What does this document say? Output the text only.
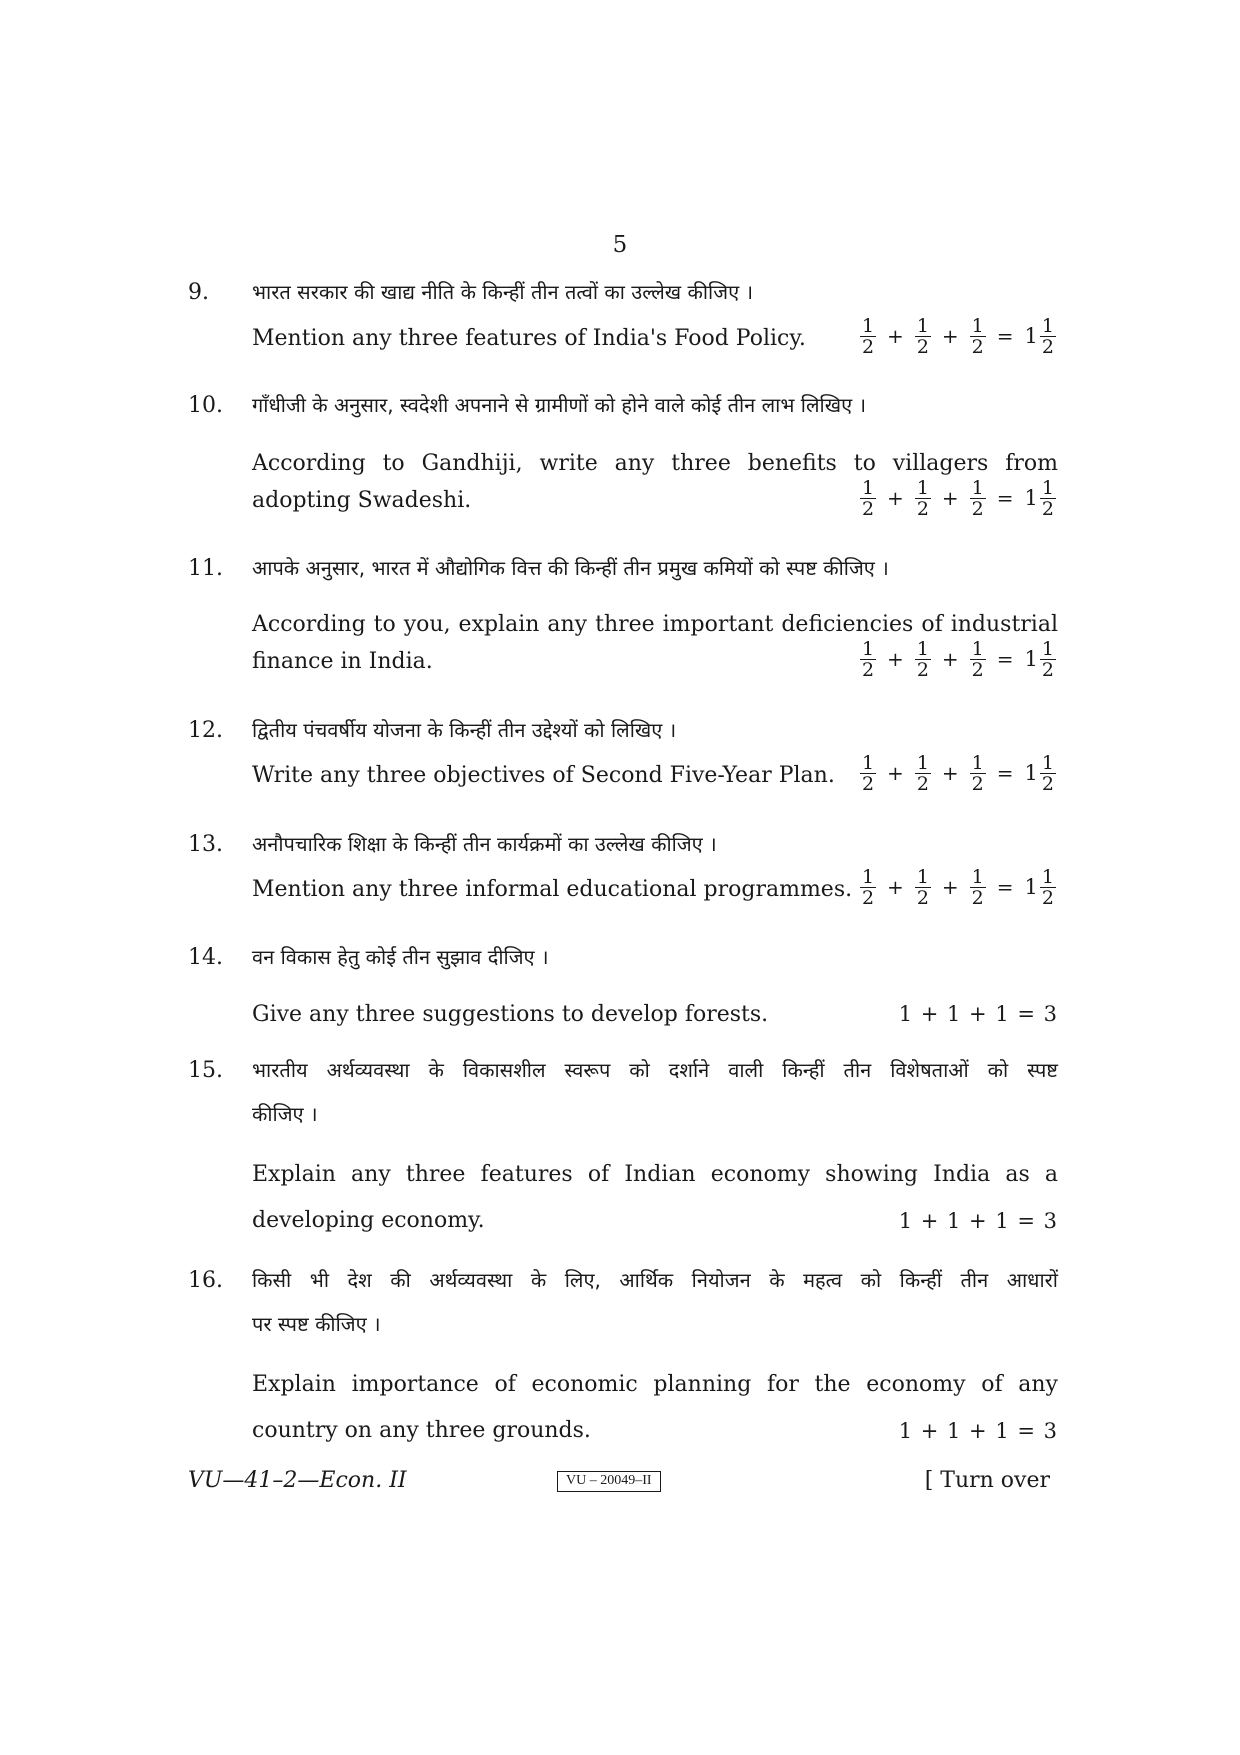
5
9. भारत सरकार की खाद्य नीति के किन्हीं तीन तत्वों का उल्लेख कीजिए ।
Mention any three features of India's Food Policy.	$\frac{1}{2} + \frac{1}{2} + \frac{1}{2} = 1 \frac{1}{2}$
10. गाँधीजी के अनुसार, स्वदेशी अपनाने से ग्रामीणों को होने वाले कोई तीन लाभ लिखिए ।
According to Gandhiji, write any three benefits to villagers from
adopting Swadeshi.	$\frac{1}{2} + \frac{1}{2} + \frac{1}{2} = 1 \frac{1}{2}$
11. आपके अनुसार, भारत में औद्योगिक वित्त की किन्हीं तीन प्रमुख कमियों को स्पष्ट कीजिए ।
According to you, explain any three important deficiencies of industrial
finance in India.	$\frac{1}{2} + \frac{1}{2} + \frac{1}{2} = 1 \frac{1}{2}$
12. द्वितीय पंचवर्षीय योजना के किन्हीं तीन उद्देश्यों को लिखिए ।
Write any three objectives of Second Five-Year Plan.	$\frac{1}{2} + \frac{1}{2} + \frac{1}{2} = 1 \frac{1}{2}$
13. अनौपचारिक शिक्षा के किन्हीं तीन कार्यक्रमों का उल्लेख कीजिए ।
Mention any three informal educational programmes. $\frac{1}{2} + \frac{1}{2} + \frac{1}{2} = 1 \frac{1}{2}$
14. वन विकास हेतु कोई तीन सुझाव दीजिए ।
Give any three suggestions to develop forests.	1 + 1 + 1 = 3
15. भारतीय अर्थव्यवस्था के विकासशील स्वरूप को दर्शाने वाली किन्हीं तीन विशेषताओं को स्पष्ट
कीजिए ।
Explain any three features of Indian economy showing India as a
developing economy.	1 + 1 + 1 = 3
16. किसी भी देश की अर्थव्यवस्था के लिए, आर्थिक नियोजन के महत्व को किन्हीं तीन आधारों
पर स्पष्ट कीजिए ।
Explain importance of economic planning for the economy of any
country on any three grounds.	1 + 1 + 1 = 3
VU—41–2—Econ. II	VU – 20049–II	[ Turn over
